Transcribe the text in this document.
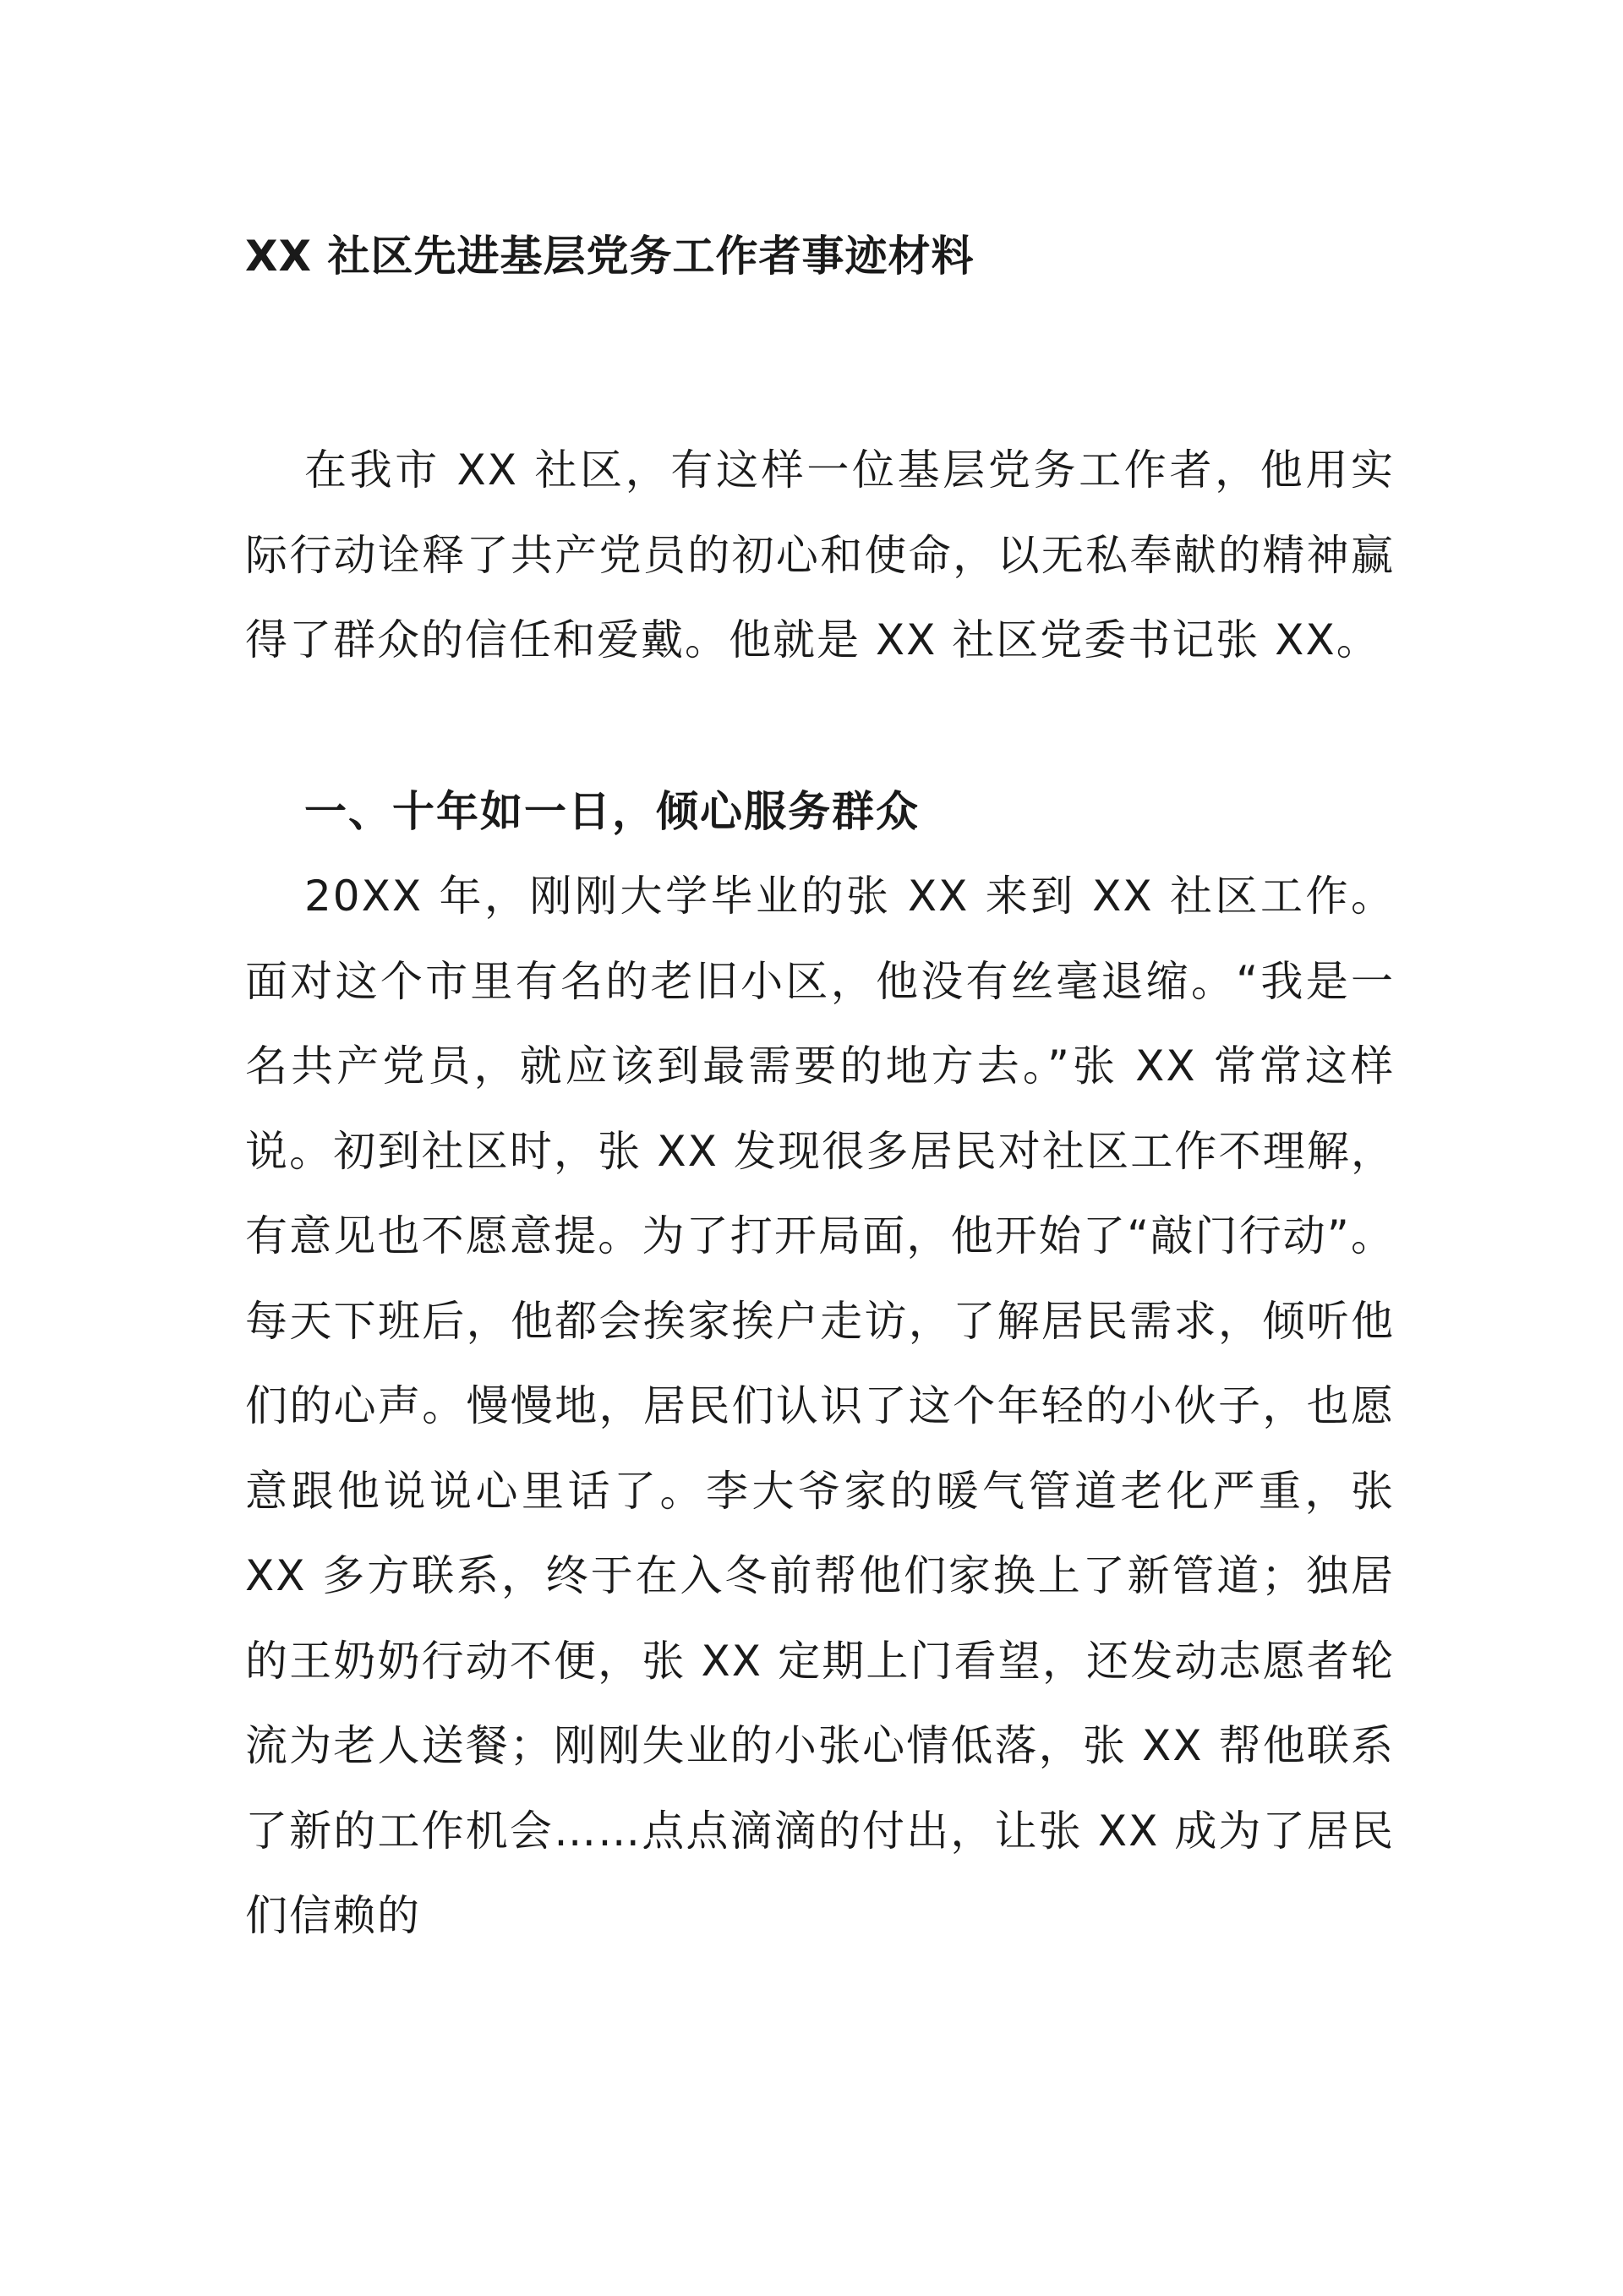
XX 社区先进基层党务工作者事迹材料

在我市 XX 社区，有这样一位基层党务工作者，他用实际行动诠释了共产党员的初心和使命，以无私奉献的精神赢得了群众的信任和爱戴。他就是 XX 社区党委书记张 XX。

一、十年如一日，倾心服务群众

20XX 年，刚刚大学毕业的张 XX 来到 XX 社区工作。面对这个市里有名的老旧小区，他没有丝毫退缩。“我是一名共产党员，就应该到最需要的地方去。”张 XX 常常这样说。初到社区时，张 XX 发现很多居民对社区工作不理解，有意见也不愿意提。为了打开局面，他开始了“敲门行动”。每天下班后，他都会挨家挨户走访，了解居民需求，倾听他们的心声。慢慢地，居民们认识了这个年轻的小伙子，也愿意跟他说说心里话了。李大爷家的暖气管道老化严重，张 XX 多方联系，终于在入冬前帮他们家换上了新管道；独居的王奶奶行动不便，张 XX 定期上门看望，还发动志愿者轮流为老人送餐；刚刚失业的小张心情低落，张 XX 帮他联系了新的工作机会……点点滴滴的付出，让张 XX 成为了居民们信赖的
